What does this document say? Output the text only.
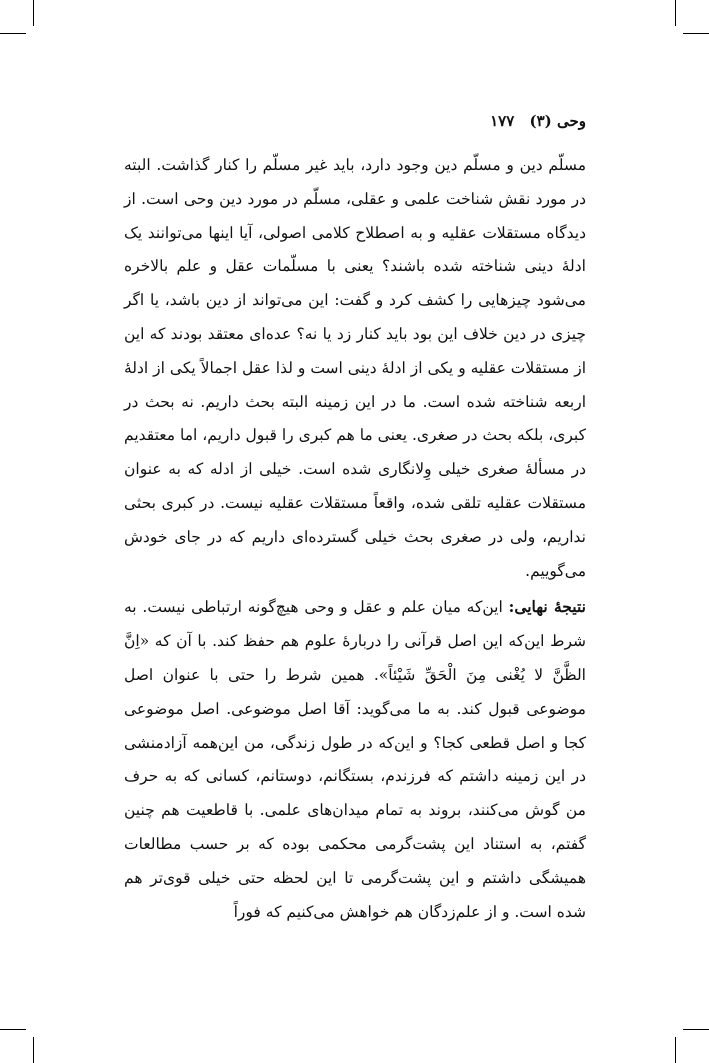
وحی (۳) ۱۷۷

مسلّم دین و مسلّم دین وجود دارد، باید غیر مسلّم را کنار گذاشت. البته در مورد نقش شناخت علمی و عقلی، مسلّم در مورد دین وحی است. از دیدگاه مستقلات عقلیه و به اصطلاح کلامی اصولی، آیا اینها می‌توانند یک ادلهٔ دینی شناخته شده باشند؟ یعنی با مسلّمات عقل و علم بالاخره می‌شود چیزهایی را کشف کرد و گفت: این می‌تواند از دین باشد، یا اگر چیزی در دین خلاف این بود باید کنار زد یا نه؟ عده‌ای معتقد بودند که این از مستقلات عقلیه و یکی از ادلهٔ دینی است و لذا عقل اجمالاً یکی از ادلهٔ اربعه شناخته شده است. ما در این زمینه البته بحث داریم. نه بحث در کبری، بلکه بحث در صغری. یعنی ما هم کبری را قبول داریم، اما معتقدیم در مسألهٔ صغری خیلی وِلانگاری شده است. خیلی از ادله که به عنوان مستقلات عقلیه تلقی شده، واقعاً مستقلات عقلیه نیست. در کبری بحثی نداریم، ولی در صغری بحث خیلی گسترده‌ای داریم که در جای خودش می‌گوییم.

نتیجهٔ نهایی: این‌که میان علم و عقل و وحی هیچ‌گونه ارتباطی نیست. به شرط این‌که این اصل قرآنی را دربارهٔ علوم هم حفظ کند. با آن که «اِنَّ الظَّنَّ لا یُغْنی مِنَ الْحَقِّ شَیْئاً». همین شرط را حتی با عنوان اصل موضوعی قبول کند. به ما می‌گوید: آقا اصل موضوعی. اصل موضوعی کجا و اصل قطعی کجا؟ و این‌که در طول زندگی، من این‌همه آزادمنشی در این زمینه داشتم که فرزندم، بستگانم، دوستانم، کسانی که به حرف من گوش می‌کنند، بروند به تمام میدان‌های علمی. با قاطعیت هم چنین گفتم، به استناد این پشت‌گرمی محکمی بوده که بر حسب مطالعات همیشگی داشتم و این پشت‌گرمی تا این لحظه حتی خیلی قوی‌تر هم شده است. و از علم‌زدگان هم خواهش می‌کنیم که فوراً
